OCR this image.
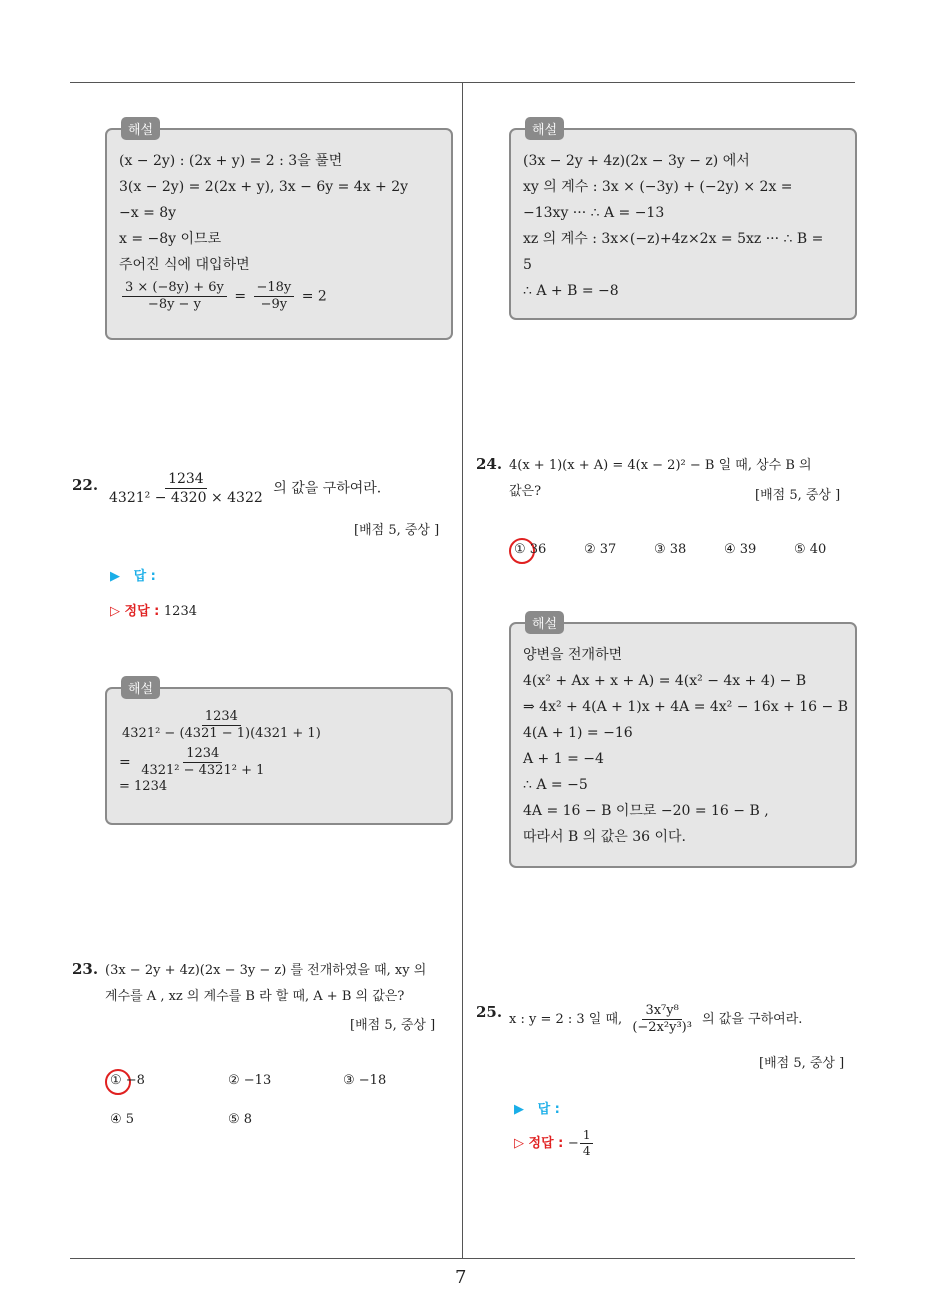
7
해설
(x − 2y) : (2x + y) = 2 : 3을 풀면
3(x − 2y) = 2(2x + y), 3x − 6y = 4x + 2y
−x = 8y
x = −8y 이므로
주어진 식에 대입하면
$\frac{3 \times (-8y) + 6y}{-8y - y} = \frac{-18y}{-9y} = 2$
22. $\frac{1234}{\text{4321² − 4320 × 4322}}$ 의 값을 구하여라.
[배점 5, 중상 ]
▶ 답 :
▷ 정답 : 1234
해설
$\frac{1234}{\text{4321² − (4321 − 1)(4321 + 1)}}$
= $\frac{1234}{\text{4321² − 4321² + 1}}$
= 1234
23. (3x − 2y + 4z)(2x − 3y − z) 를 전개하였을 때, xy 의
계수를 A , xz 의 계수를 B 라 할 때, A + B 의 값은?
[배점 5, 중상 ]
① −8	② −13	③ −18
④ 5	⑤ 8
해설
(3x − 2y + 4z)(2x − 3y − z) 에서
xy 의 계수 : 3x × (−3y) + (−2y) × 2x =
−13xy ··· ∴ A = −13
xz 의 계수 : 3x×(−z)+4z×2x = 5xz ··· ∴ B =
5
∴ A + B = −8
24. 4(x + 1)(x + A) = 4(x − 2)² − B 일 때, 상수 B 의
값은?	[배점 5, 중상 ]
① 36	② 37	③ 38	④ 39	⑤ 40
해설
양변을 전개하면
4(x² + Ax + x + A) = 4(x² − 4x + 4) − B
⇒ 4x² + 4(A + 1)x + 4A = 4x² − 16x + 16 − B
4(A + 1) = −16
A + 1 = −4
∴ A = −5
4A = 16 − B 이므로 −20 = 16 − B ,
따라서 B 의 값은 36 이다.
25. x : y = 2 : 3 일 때, $\frac{\text{3x⁷y⁸}}{\text{(−2x²y³)³}}$ 의 값을 구하여라.
[배점 5, 중상 ]
▶ 답 :
▷ 정답 : − $\frac{1}{4}$
